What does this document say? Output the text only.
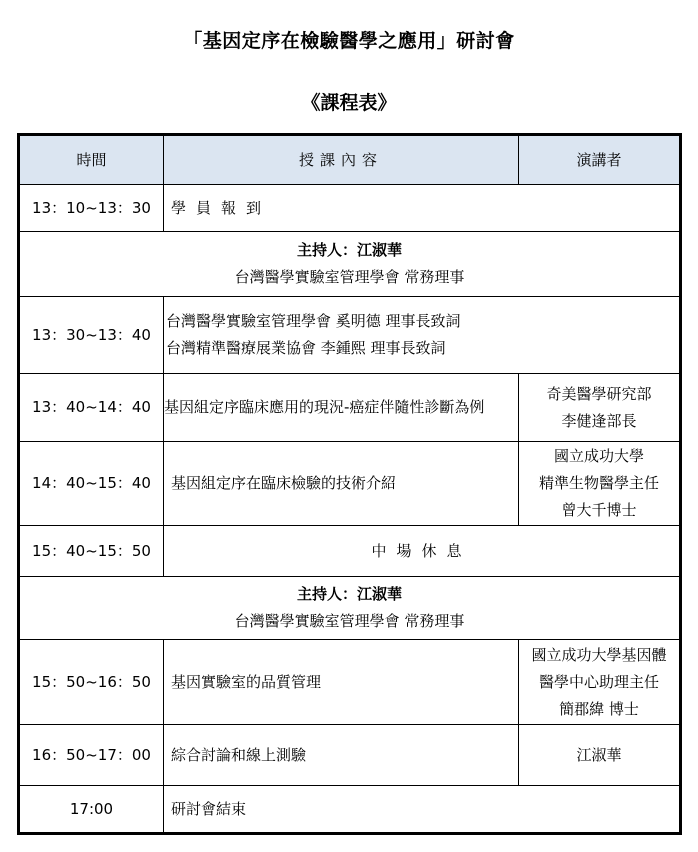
「基因定序在檢驗醫學之應用」研討會
《課程表》
時間	授課內容	演講者
13：10~13：30	學員報到	

主持人：江淑華
台灣醫學實驗室管理學會 常務理事		

13：30~13：40	台灣醫學實驗室管理學會 奚明德 理事長致詞
台灣精準醫療展業協會 李鍾熙 理事長致詞	

13：40~14：40	基因組定序臨床應用的現況-癌症伴隨性診斷為例	奇美醫學研究部
李健逢部長

14：40~15：40	基因組定序在臨床檢驗的技術介紹	國立成功大學
精準生物醫學主任
曾大千博士

15：40~15：50	中場休息	

主持人：江淑華
台灣醫學實驗室管理學會 常務理事		

15：50~16：50	基因實驗室的品質管理	國立成功大學基因體
醫學中心助理主任
簡郡緯 博士

16：50~17：00	綜合討論和線上測驗	江淑華

17:00	研討會結束	
